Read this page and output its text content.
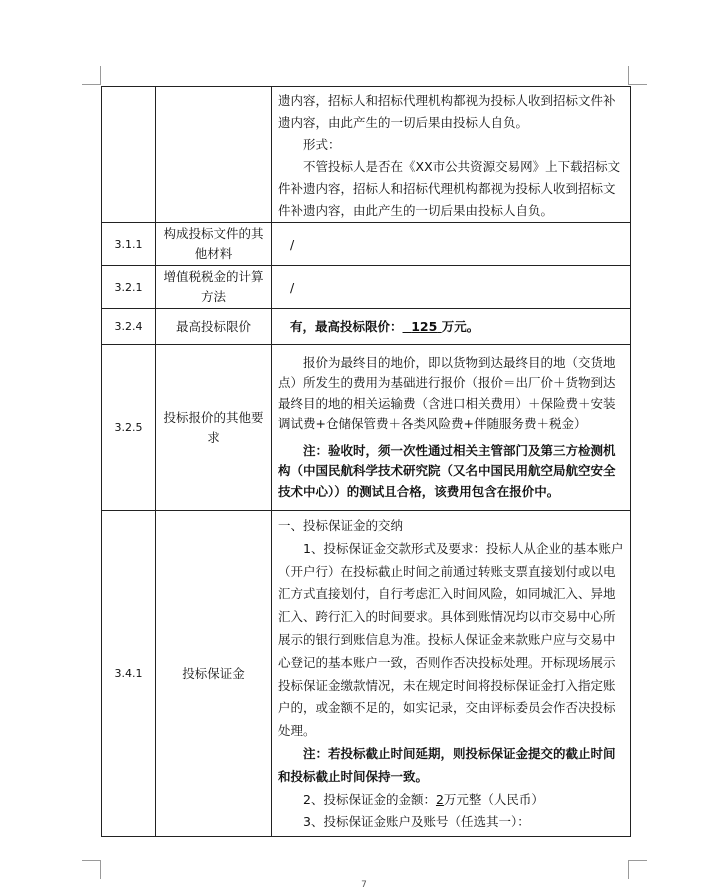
		遗内容，招标人和招标代理机构都视为投标人收到招标文件补遗内容，由此产生的一切后果由投标人自负。

形式：

不管投标人是否在《XX市公共资源交易网》上下载招标文件补遗内容，招标人和招标代理机构都视为投标人收到招标文件补遗内容，由此产生的一切后果由投标人自负。

3.1.1	构成投标文件的其他材料	/

3.2.1	增值税税金的计算方法	/

3.2.4	最高投标限价	有，最高投标限价： 125 万元。

3.2.5	投标报价的其他要求	报价为最终目的地价，即以货物到达最终目的地（交货地点）所发生的费用为基础进行报价（报价＝出厂价＋货物到达最终目的地的相关运输费（含进口相关费用）＋保险费＋安装调试费+仓储保管费＋各类风险费+伴随服务费＋税金）

注：验收时，须一次性通过相关主管部门及第三方检测机构（中国民航科学技术研究院（又名中国民用航空局航空安全技术中心））的测试且合格，该费用包含在报价中。

3.4.1	投标保证金	一、投标保证金的交纳

1、投标保证金交款形式及要求：投标人从企业的基本账户（开户行）在投标截止时间之前通过转账支票直接划付或以电汇方式直接划付，自行考虑汇入时间风险，如同城汇入、异地汇入、跨行汇入的时间要求。具体到账情况均以市交易中心所展示的银行到账信息为准。投标人保证金来款账户应与交易中心登记的基本账户一致，否则作否决投标处理。开标现场展示投标保证金缴款情况，未在规定时间将投标保证金打入指定账户的，或金额不足的，如实记录，交由评标委员会作否决投标处理。

注：若投标截止时间延期，则投标保证金提交的截止时间和投标截止时间保持一致。

2、投标保证金的金额：2万元整（人民币）

3、投标保证金账户及账号（任选其一）：

7
